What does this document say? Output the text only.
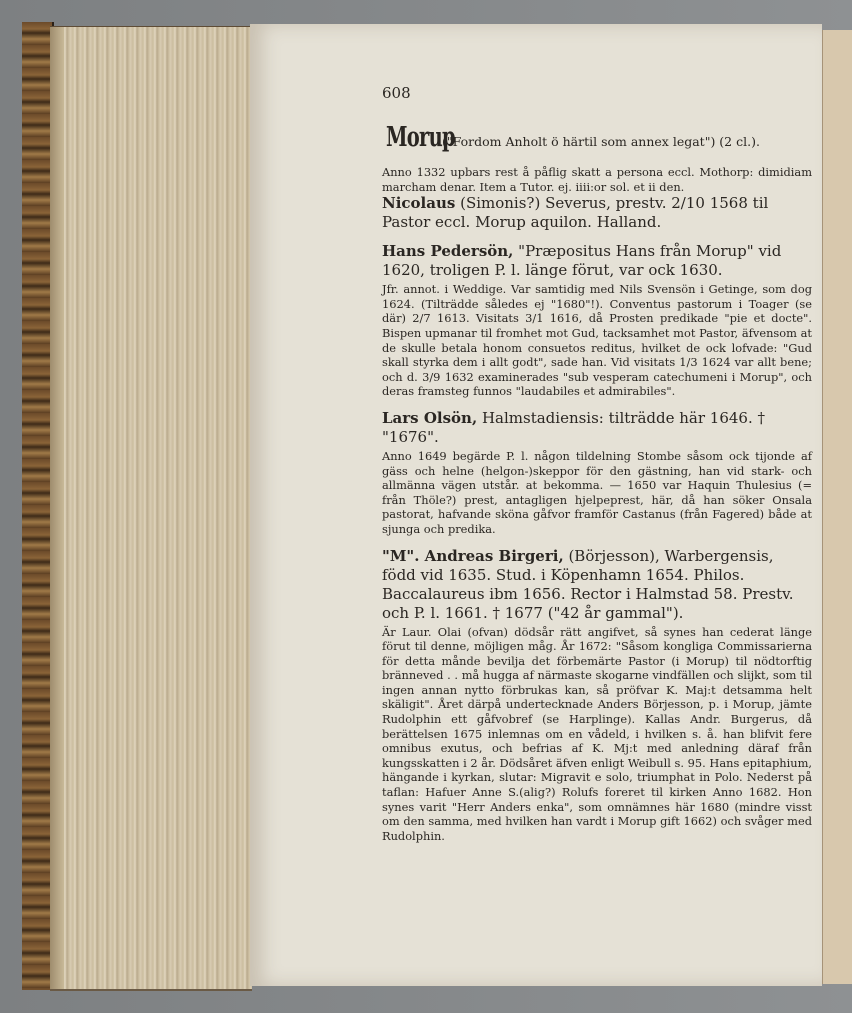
608
Morup
("Fordom Anholt ö härtil som annex legat") (2 cl.).

Anno 1332 upbars rest å påflig skatt a persona eccl. Mothorp: dimidiam marcham denar. Item a Tutor. ej. iiii:or sol. et ii den.

Nicolaus (Simonis?) Severus, prestv. 2/10 1568 til Pastor eccl. Morup aquilon. Halland.

Hans Pedersön, "Præpositus Hans från Morup" vid 1620, troligen P. l. länge förut, var ock 1630.

Jfr. annot. i Weddige. Var samtidig med Nils Svensön i Getinge, som dog 1624. (Tilträdde således ej "1680"!). Conventus pastorum i Toager (se där) 2/7 1613. Visitats 3/1 1616, då Prosten predikade "pie et docte". Bispen upmanar til fromhet mot Gud, tacksamhet mot Pastor, äfvensom at de skulle betala honom consuetos reditus, hvilket de ock lofvade: "Gud skall styrka dem i allt godt", sade han. Vid visitats 1/3 1624 var allt bene; och d. 3/9 1632 examinerades "sub vesperam catechumeni i Morup", och deras framsteg funnos "laudabiles et admirabiles".

Lars Olsön, Halmstadiensis: tilträdde här 1646. † "1676".

Anno 1649 begärde P. l. någon tildelning Stombe såsom ock tijonde af gäss och helne (helgon-)skeppor för den gästning, han vid stark- och allmänna vägen utstår. at bekomma. — 1650 var Haquin Thulesius (= från Thöle?) prest, antagligen hjelpeprest, här, då han söker Onsala pastorat, hafvande sköna gåfvor framför Castanus (från Fagered) både at sjunga och predika.

"M". Andreas Birgeri, (Börjesson), Warbergensis, född vid 1635. Stud. i Köpenhamn 1654. Philos. Baccalaureus ibm 1656. Rector i Halmstad 58. Prestv. och P. l. 1661. † 1677 ("42 år gammal").

Är Laur. Olai (ofvan) dödsår rätt angifvet, så synes han cederat länge förut til denne, möjligen måg. År 1672: "Såsom kongliga Commissarierna för detta månde bevilja det förbemärte Pastor (i Morup) til nödtorftig bränneved . . må hugga af närmaste skogarne vindfällen och slijkt, som til ingen annan nytto förbrukas kan, så pröfvar K. Maj:t detsamma helt skäligit". Året därpå undertecknade Anders Börjesson, p. i Morup, jämte Rudolphin ett gåfvobref (se Harplinge). Kallas Andr. Burgerus, då berättelsen 1675 inlemnas om en vådeld, i hvilken s. å. han blifvit fere omnibus exutus, och befrias af K. Mj:t med anledning däraf från kungsskatten i 2 år. Dödsåret äfven enligt Weibull s. 95. Hans epitaphium, hängande i kyrkan, slutar: Migravit e solo, triumphat in Polo. Nederst på taflan: Hafuer Anne S.(alig?) Rolufs foreret til kirken Anno 1682. Hon synes varit "Herr Anders enka", som omnämnes här 1680 (mindre visst om den samma, med hvilken han vardt i Morup gift 1662) och svåger med Rudolphin.
